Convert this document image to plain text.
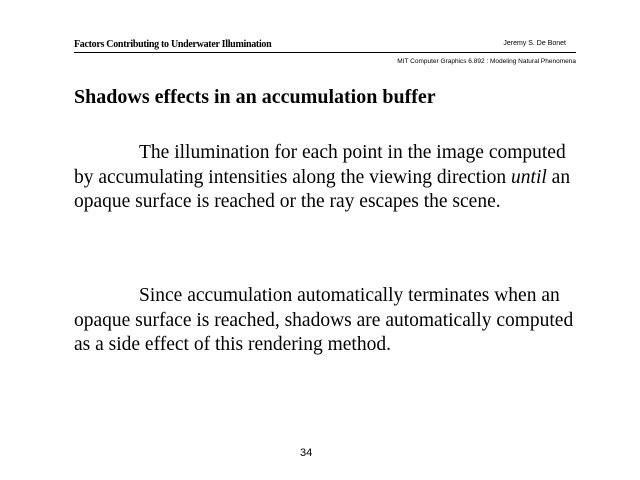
Factors Contributing to Underwater Illumination	Jeremy S. De Bonet
MIT Computer Graphics 6.892 : Modeling Natural Phenomena
Shadows effects in an accumulation buffer

The illumination for each point in the image computed by accumulating intensities along the viewing direction until an opaque surface is reached or the ray escapes the scene.

Since accumulation automatically terminates when an opaque surface is reached, shadows are automatically computed as a side effect of this rendering method.

34
